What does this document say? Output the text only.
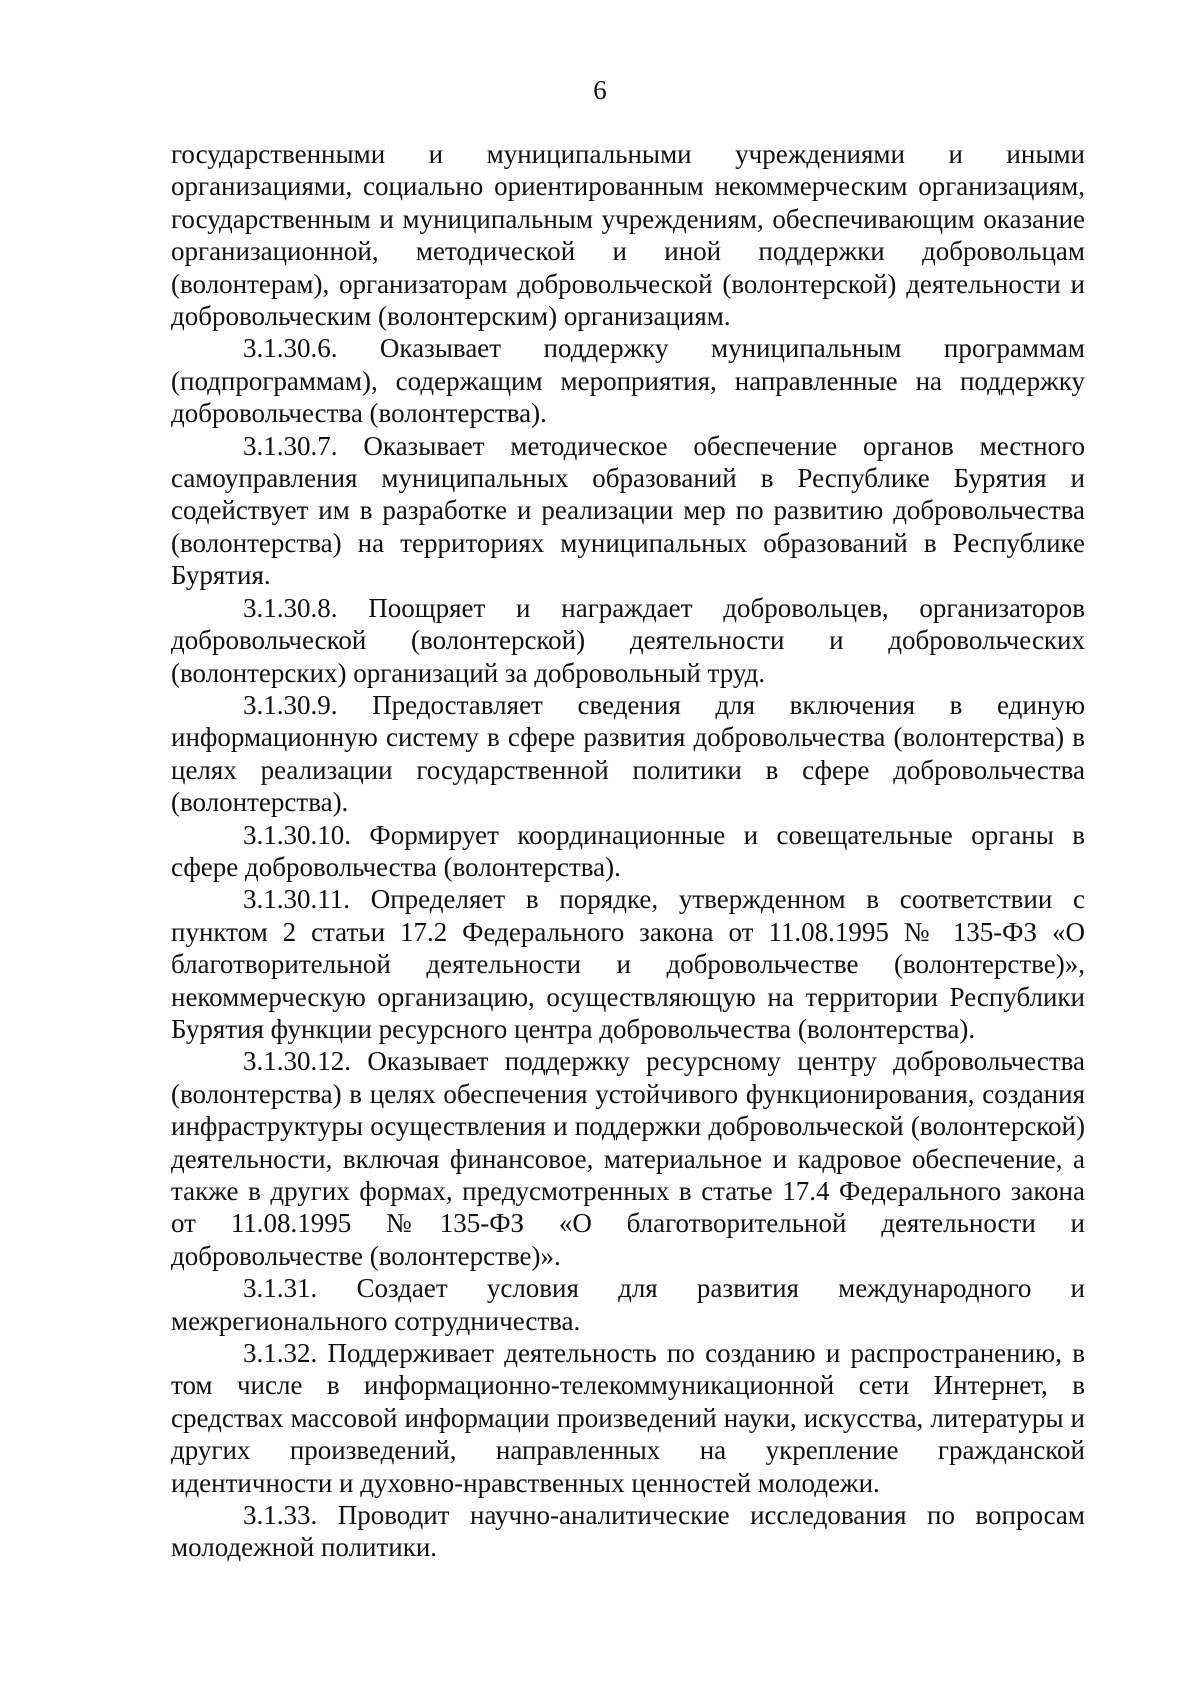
6

государственными и муниципальными учреждениями и иными организациями, социально ориентированным некоммерческим организациям, государственным и муниципальным учреждениям, обеспечивающим оказание организационной, методической и иной поддержки добровольцам (волонтерам), организаторам добровольческой (волонтерской) деятельности и добровольческим (волонтерским) организациям.

3.1.30.6. Оказывает поддержку муниципальным программам (подпрограммам), содержащим мероприятия, направленные на поддержку добровольчества (волонтерства).

3.1.30.7. Оказывает методическое обеспечение органов местного самоуправления муниципальных образований в Республике Бурятия и содействует им в разработке и реализации мер по развитию добровольчества (волонтерства) на территориях муниципальных образований в Республике Бурятия.

3.1.30.8. Поощряет и награждает добровольцев, организаторов добровольческой (волонтерской) деятельности и добровольческих (волонтерских) организаций за добровольный труд.

3.1.30.9. Предоставляет сведения для включения в единую информационную систему в сфере развития добровольчества (волонтерства) в целях реализации государственной политики в сфере добровольчества (волонтерства).

3.1.30.10. Формирует координационные и совещательные органы в сфере добровольчества (волонтерства).

3.1.30.11. Определяет в порядке, утвержденном в соответствии с пунктом 2 статьи 17.2 Федерального закона от 11.08.1995 № 135-ФЗ «О благотворительной деятельности и добровольчестве (волонтерстве)», некоммерческую организацию, осуществляющую на территории Республики Бурятия функции ресурсного центра добровольчества (волонтерства).

3.1.30.12. Оказывает поддержку ресурсному центру добровольчества (волонтерства) в целях обеспечения устойчивого функционирования, создания инфраструктуры осуществления и поддержки добровольческой (волонтерской) деятельности, включая финансовое, материальное и кадровое обеспечение, а также в других формах, предусмотренных в статье 17.4 Федерального закона от 11.08.1995 №135-ФЗ «О благотворительной деятельности и добровольчестве (волонтерстве)».

3.1.31. Создает условия для развития международного и межрегионального сотрудничества.

3.1.32. Поддерживает деятельность по созданию и распространению, в том числе в информационно-телекоммуникационной сети Интернет, в средствах массовой информации произведений науки, искусства, литературы и других произведений, направленных на укрепление гражданской идентичности и духовно-нравственных ценностей молодежи.

3.1.33. Проводит научно-аналитические исследования по вопросам молодежной политики.
